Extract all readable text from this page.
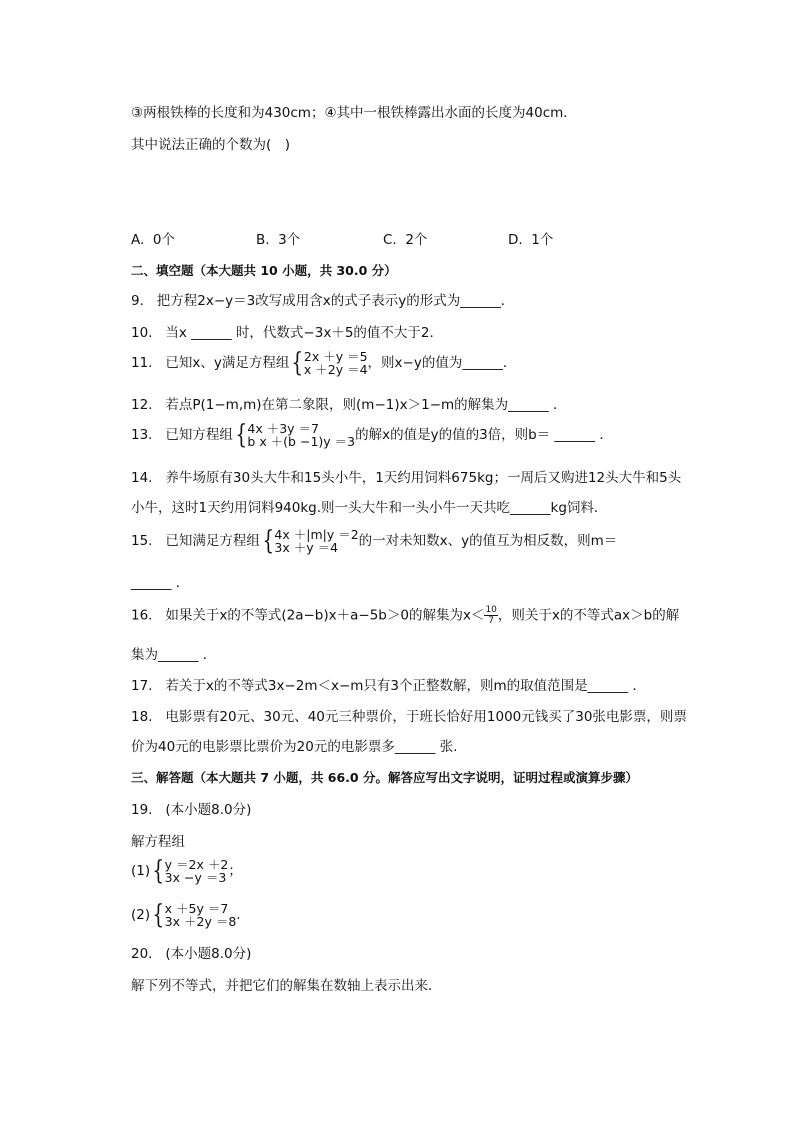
③两根铁棒的长度和为430cm；④其中一根铁棒露出水面的长度为40cm．
其中说法正确的个数为(　)
A. 0个	B. 3个	C. 2个	D. 1个
二、填空题（本大题共 10 小题，共 30.0 分）
9. 把方程2x−y＝3改写成用含x的式子表示y的形式为______．
10. 当x ______ 时，代数式−3x＋5的值不大于2．
11. 已知x、y满足方程组{ 2x ＋y ＝5
x ＋2y ＝4 ，则x−y的值为______．
12. 若点P(1−m,m)在第二象限，则(m−1)x＞1−m的解集为______ ．
13. 已知方程组{ 4x ＋3y ＝7
b x ＋(b −1)y ＝3 的解x的值是y的值的3倍，则b＝ ______ ．
14. 养牛场原有30头大牛和15头小牛，1天约用饲料675kg；一周后又购进12头大牛和5头
小牛，这时1天约用饲料940kg.则一头大牛和一头小牛一天共吃______kg饲料．
15. 已知满足方程组{ 4x ＋|m|y ＝2
3x ＋y ＝4	的一对未知数x、y的值互为相反数，则m＝
______ ．
16. 如果关于x的不等式(2a−b)x＋a−5b＞0的解集为$x< \frac{10}{7}$ ，则关于x的不等式ax＞b的解
集为______ ．
17. 若关于x的不等式3x−2m＜x−m只有3个正整数解，则m的取值范围是______ ．
18. 电影票有20元、30元、40元三种票价，于班长恰好用1000元钱买了30张电影票，则票
价为40元的电影票比票价为20元的电影票多______ 张.
三、解答题（本大题共 7 小题，共 66.0 分。解答应写出文字说明，证明过程或演算步骤）
19. (本小题8.0分)
解方程组
(1){ y ＝2x ＋2
3x −y ＝3 ；
(2){ x ＋5y ＝7
3x ＋2y ＝8 .
20. (本小题8.0分)
解下列不等式，并把它们的解集在数轴上表示出来．
